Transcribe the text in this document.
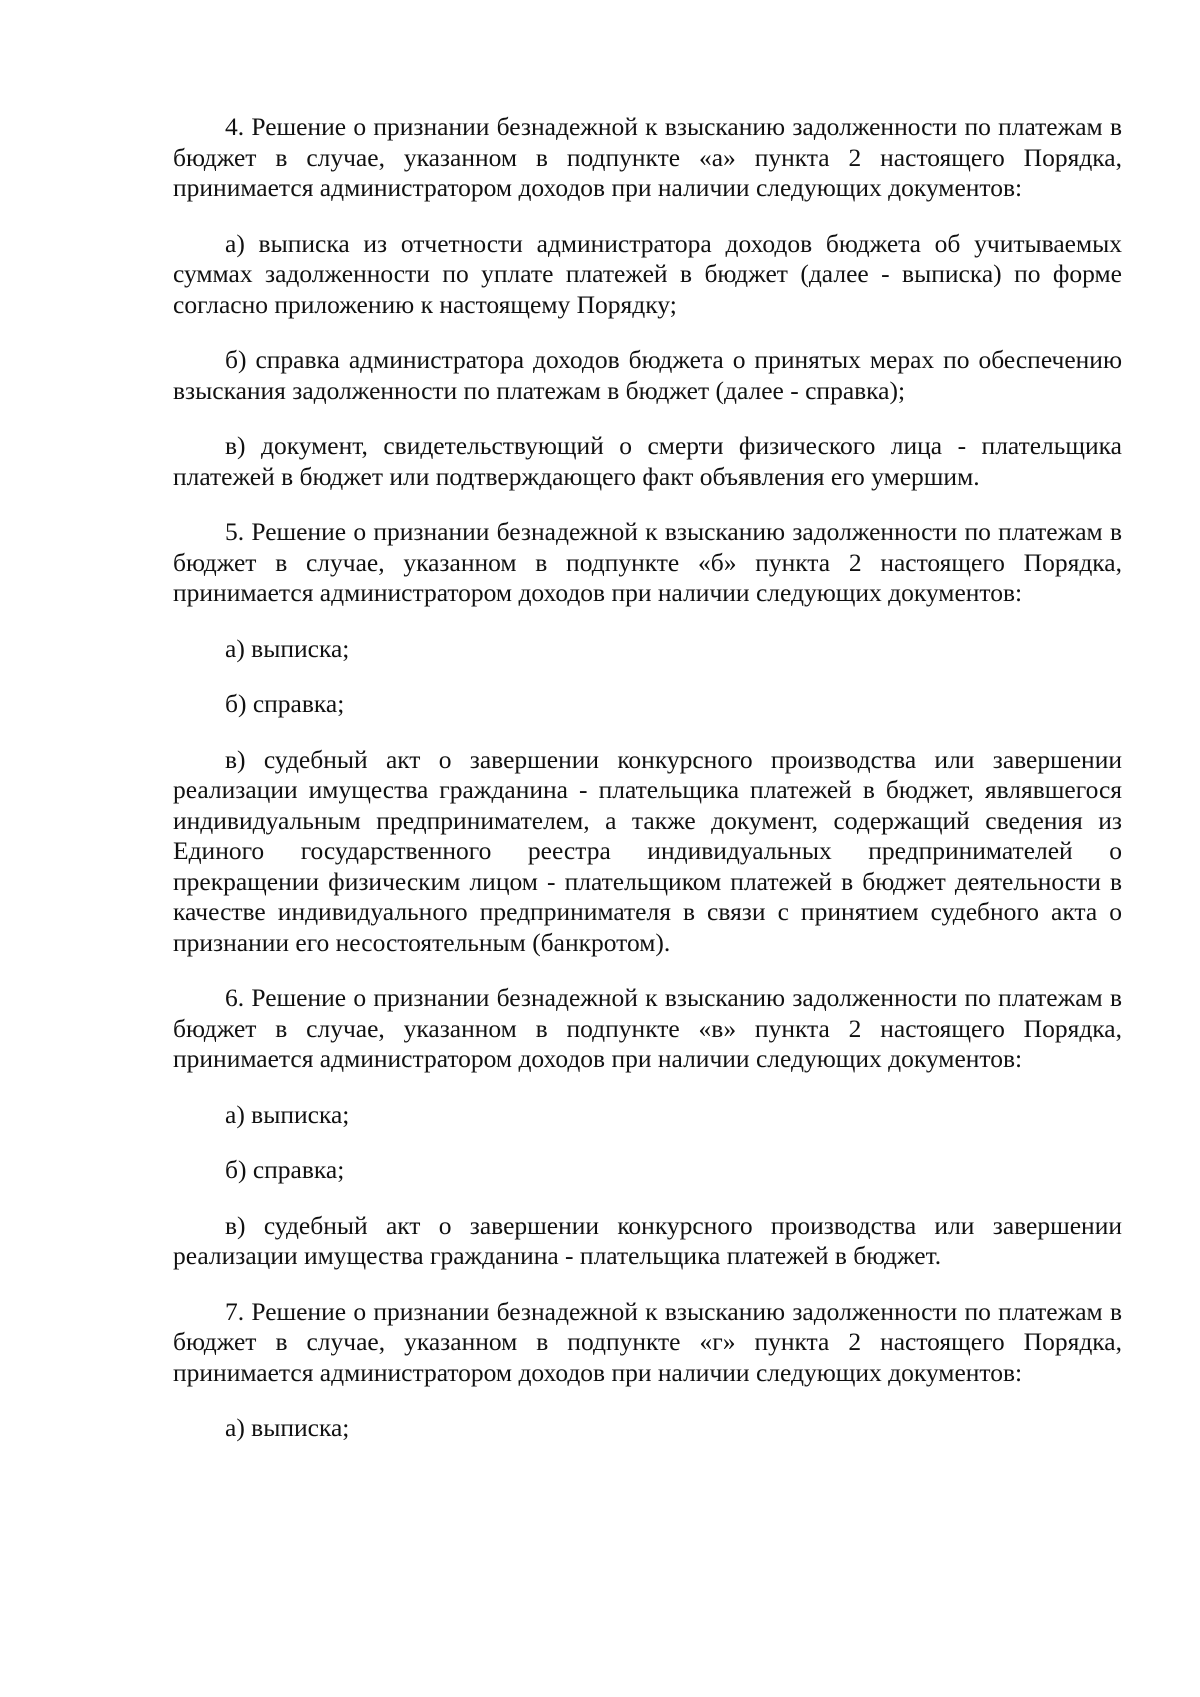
4. Решение о признании безнадежной к взысканию задолженности по платежам в бюджет в случае, указанном в подпункте «а» пункта 2 настоящего Порядка, принимается администратором доходов при наличии следующих документов:

а) выписка из отчетности администратора доходов бюджета об учитываемых суммах задолженности по уплате платежей в бюджет (далее - выписка) по форме согласно приложению к настоящему Порядку;

б) справка администратора доходов бюджета о принятых мерах по обеспечению взыскания задолженности по платежам в бюджет (далее - справка);

в) документ, свидетельствующий о смерти физического лица - плательщика платежей в бюджет или подтверждающего факт объявления его умершим.

5. Решение о признании безнадежной к взысканию задолженности по платежам в бюджет в случае, указанном в подпункте «б» пункта 2 настоящего Порядка, принимается администратором доходов при наличии следующих документов:

а) выписка;

б) справка;

в) судебный акт о завершении конкурсного производства или завершении реализации имущества гражданина - плательщика платежей в бюджет, являвшегося индивидуальным предпринимателем, а также документ, содержащий сведения из Единого государственного реестра индивидуальных предпринимателей о прекращении физическим лицом - плательщиком платежей в бюджет деятельности в качестве индивидуального предпринимателя в связи с принятием судебного акта о признании его несостоятельным (банкротом).

6. Решение о признании безнадежной к взысканию задолженности по платежам в бюджет в случае, указанном в подпункте «в» пункта 2 настоящего Порядка, принимается администратором доходов при наличии следующих документов:

а) выписка;

б) справка;

в) судебный акт о завершении конкурсного производства или завершении реализации имущества гражданина - плательщика платежей в бюджет.

7. Решение о признании безнадежной к взысканию задолженности по платежам в бюджет в случае, указанном в подпункте «г» пункта 2 настоящего Порядка, принимается администратором доходов при наличии следующих документов:

а) выписка;
